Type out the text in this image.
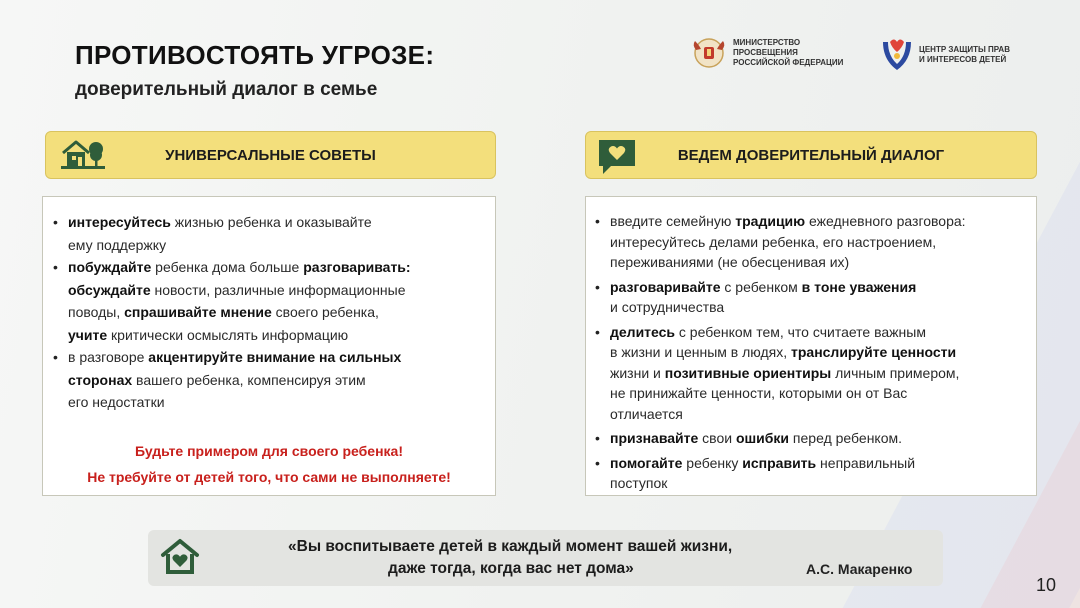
ПРОТИВОСТОЯТЬ УГРОЗЕ:
доверительный диалог в семье
МИНИСТЕРСТВО ПРОСВЕЩЕНИЯ
РОССИЙСКОЙ ФЕДЕРАЦИИ
ЦЕНТР ЗАЩИТЫ ПРАВ
И ИНТЕРЕСОВ ДЕТЕЙ
УНИВЕРСАЛЬНЫЕ СОВЕТЫ	ВЕДЕМ ДОВЕРИТЕЛЬНЫЙ ДИАЛОГ
• интересуйтесь жизнью ребенка и оказывайте
ему поддержку
• побуждайте ребенка дома больше разговаривать:
обсуждайте новости, различные информационные
поводы, спрашивайте мнение своего ребенка,
учите критически осмыслять информацию
• в разговоре акцентируйте внимание на сильных
сторонах вашего ребенка, компенсируя этим
его недостатки
Будьте примером для своего ребенка!
Не требуйте от детей того, что сами не выполняете!
• введите семейную традицию ежедневного разговора:
интересуйтесь делами ребенка, его настроением,
переживаниями (не обесценивая их)
• разговаривайте с ребенком в тоне уважения
и сотрудничества
• делитесь с ребенком тем, что считаете важным
в жизни и ценным в людях, транслируйте ценности
жизни и позитивные ориентиры личным примером,
не принижайте ценности, которыми он от Вас
отличается
• признавайте свои ошибки перед ребенком.
• помогайте ребенку исправить неправильный
поступок
«Вы воспитываете детей в каждый момент вашей жизни,
даже тогда, когда вас нет дома»	А.С. Макаренко
10
